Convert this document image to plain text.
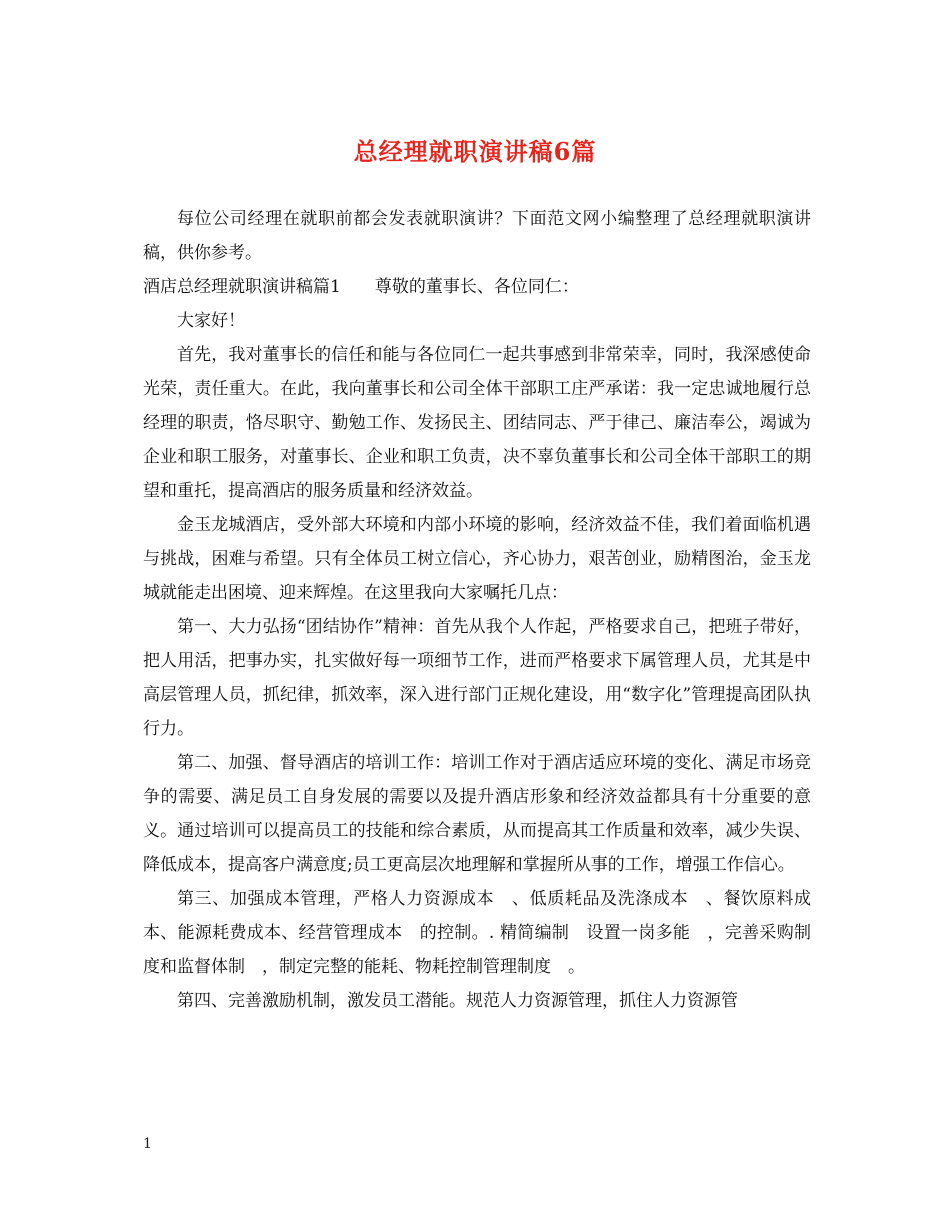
总经理就职演讲稿6篇

每位公司经理在就职前都会发表就职演讲？下面范文网小编整理了总经理就职演讲稿，供你参考。

酒店总经理就职演讲稿篇1　　尊敬的董事长、各位同仁：

大家好！

首先，我对董事长的信任和能与各位同仁一起共事感到非常荣幸，同时，我深感使命光荣，责任重大。在此，我向董事长和公司全体干部职工庄严承诺：我一定忠诚地履行总经理的职责，恪尽职守、勤勉工作、发扬民主、团结同志、严于律己、廉洁奉公，竭诚为企业和职工服务，对董事长、企业和职工负责，决不辜负董事长和公司全体干部职工的期望和重托，提高酒店的服务质量和经济效益。

金玉龙城酒店，受外部大环境和内部小环境的影响，经济效益不佳，我们着面临机遇与挑战，困难与希望。只有全体员工树立信心，齐心协力，艰苦创业，励精图治，金玉龙城就能走出困境、迎来辉煌。在这里我向大家嘱托几点：

第一、大力弘扬“团结协作”精神：首先从我个人作起，严格要求自己，把班子带好，把人用活，把事办实，扎实做好每一项细节工作，进而严格要求下属管理人员，尤其是中高层管理人员，抓纪律，抓效率，深入进行部门正规化建设，用“数字化”管理提高团队执行力。

第二、加强、督导酒店的培训工作：培训工作对于酒店适应环境的变化、满足市场竞争的需要、满足员工自身发展的需要以及提升酒店形象和经济效益都具有十分重要的意义。通过培训可以提高员工的技能和综合素质，从而提高其工作质量和效率，减少失误、降低成本，提高客户满意度;员工更高层次地理解和掌握所从事的工作，增强工作信心。

第三、加强成本管理，严格人力资源成本　、低质耗品及洗涤成本　、餐饮原料成本、能源耗费成本、经营管理成本　的控制。. 精简编制　设置一岗多能　，完善采购制度和监督体制　，制定完整的能耗、物耗控制管理制度　。

第四、完善激励机制，激发员工潜能。规范人力资源管理，抓住人力资源管

1
